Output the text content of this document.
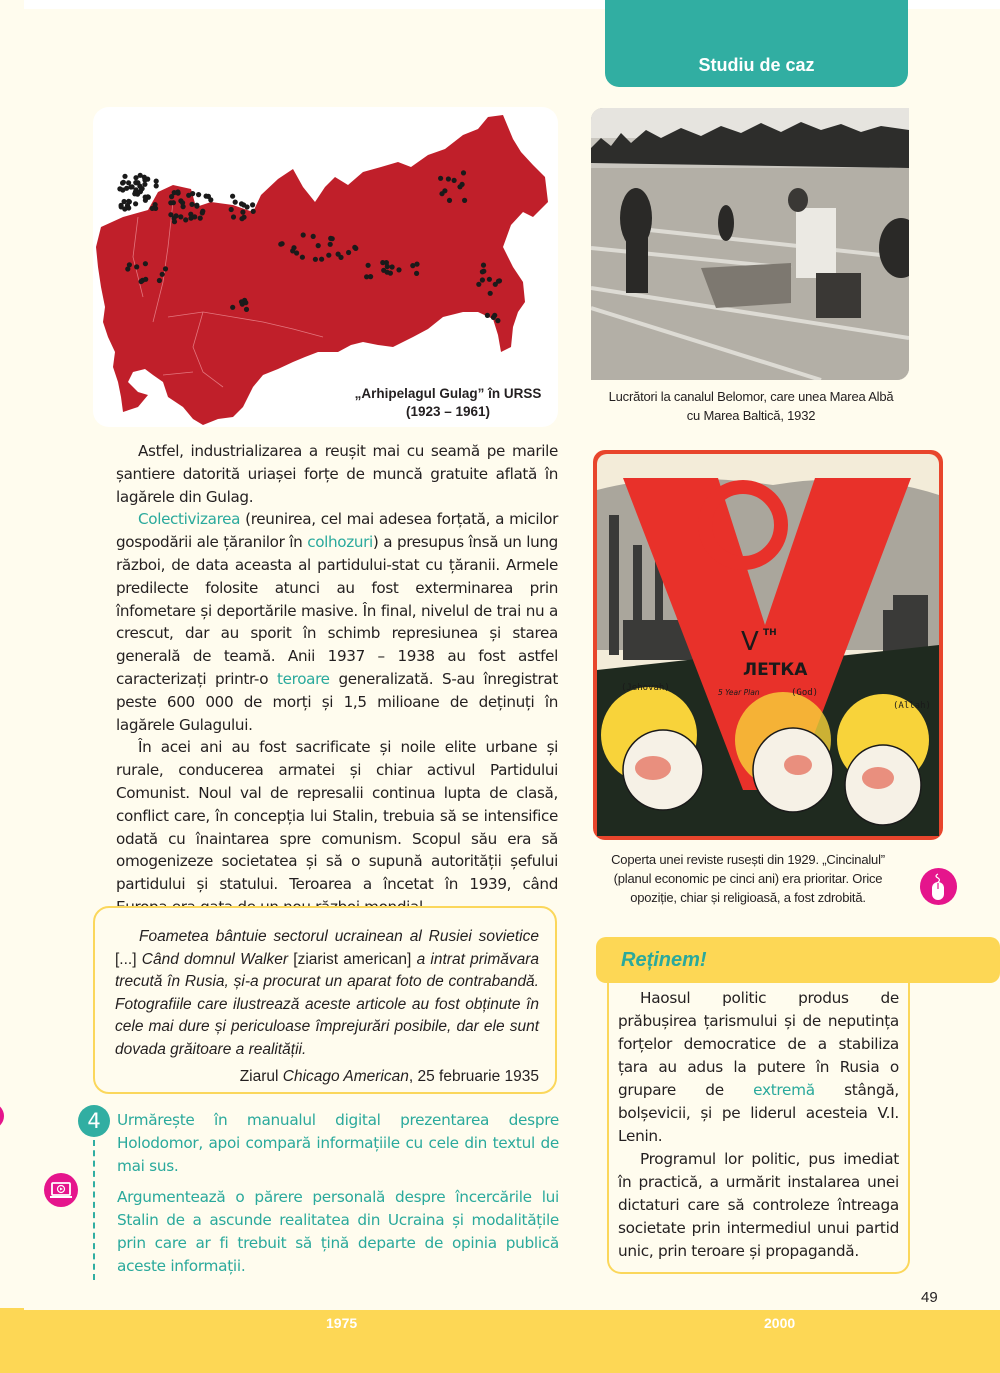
Studiu de caz
„Arhipelagul Gulag” în URSS
(1923 – 1961)
Lucrători la canalul Belomor, care unea Marea Albă
cu Marea Baltică, 1932
V TH
ЛЕТКА
5 Year Plan
(Jehovah)	(God)
(Allah)
Coperta unei reviste rusești din 1929. „Cincinalul”
(planul economic pe cinci ani) era prioritar. Orice
opoziție, chiar și religioasă, a fost zdrobită.

Astfel, industrializarea a reușit mai cu seamă pe marile șantiere datorită uriașei forțe de muncă gratuite aflată în lagărele din Gulag.

Colectivizarea (reunirea, cel mai adesea forțată, a micilor gospodării ale țăranilor în colhozuri) a presupus însă un lung război, de data aceasta al partidului-stat cu țăranii. Armele predilecte folosite atunci au fost exterminarea prin înfometare și deportările masive. În final, nivelul de trai nu a crescut, dar au sporit în schimb represiunea și starea generală de teamă. Anii 1937 – 1938 au fost astfel caracterizați printr-o teroare generalizată. S-au înregistrat peste 600 000 de morți și 1,5 milioane de deținuți în lagărele Gulagului.

În acei ani au fost sacrificate și noile elite urbane și rurale, conducerea armatei și chiar activul Partidului Comunist. Noul val de represalii continua lupta de clasă, conflict care, în concepția lui Stalin, trebuia să se intensifice odată cu înaintarea spre comunism. Scopul său era să omogenizeze societatea și să o supună autorității șefului partidului și statului. Teroarea a încetat în 1939, când

Foametea bântuie sectorul ucrainean al Rusiei sovietice [...] Când domnul Walker [ziarist american] a intrat primăvara trecută în Rusia, și-a procurat un aparat foto de contrabandă. Fotografiile care ilustrează aceste articole au fost obținute în cele mai dure și periculoase împrejurări posibile, dar ele sunt dovada grăitoare a realității.

Ziarul Chicago American, 25 februarie 1935

4	Urmărește în manualul digital prezentarea despre Holodomor, apoi compară informațiile cu cele din textul de mai sus.
Argumentează o părere personală despre încercările lui Stalin de a ascunde realitatea din Ucraina și modalitățile prin care ar fi trebuit să țină departe de opinia publică aceste informații.
Reținem!

Haosul politic produs de prăbușirea țarismului și de neputința forțelor democratice de a stabiliza țara au adus la putere în Rusia o grupare de extremă stângă, bolșevicii, și pe liderul acesteia V.I. Lenin.

Programul lor politic, pus imediat în practică, a urmărit instalarea unei dictaturi care să controleze întreaga societate prin intermediul unui partid unic, prin teroare și propagandă.

49
1975	2000
